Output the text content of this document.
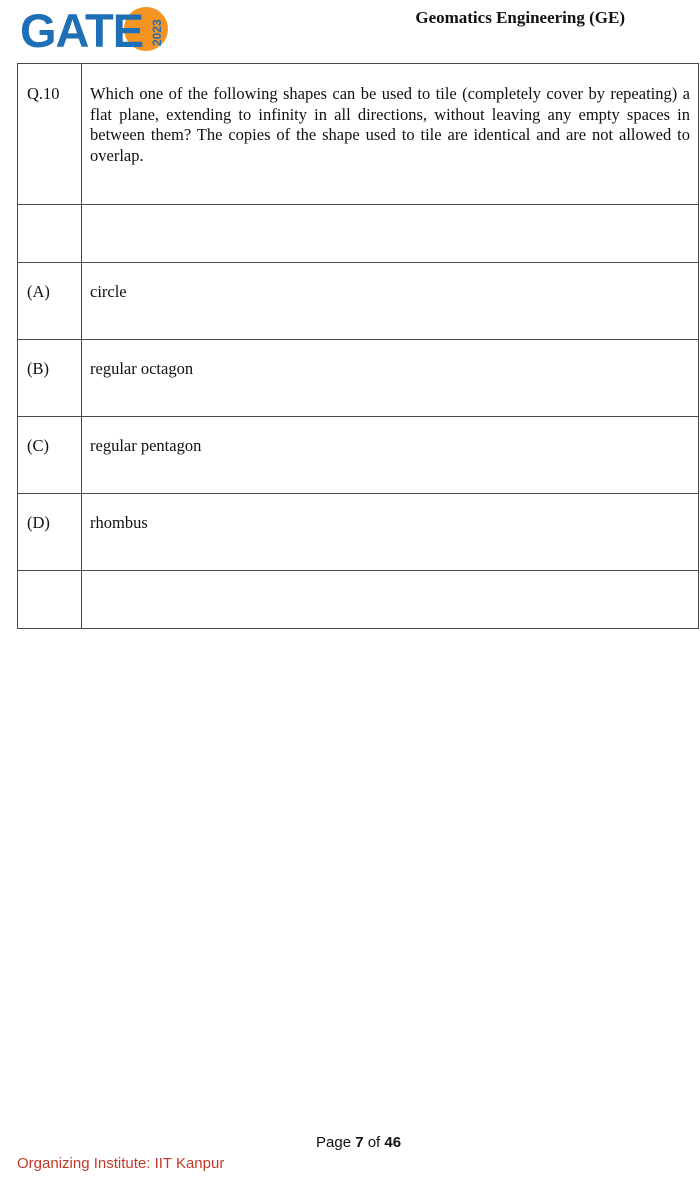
GATE 2023
Geomatics Engineering (GE)
Q.10	Which one of the following shapes can be used to tile (completely cover by repeating) a flat plane, extending to infinity in all directions, without leaving any empty spaces in between them? The copies of the shape used to tile are identical and are not allowed to overlap.

(A)	circle
(B)	regular octagon
(C)	regular pentagon
(D)	rhombus

Page 7 of 46
Organizing Institute: IIT Kanpur
